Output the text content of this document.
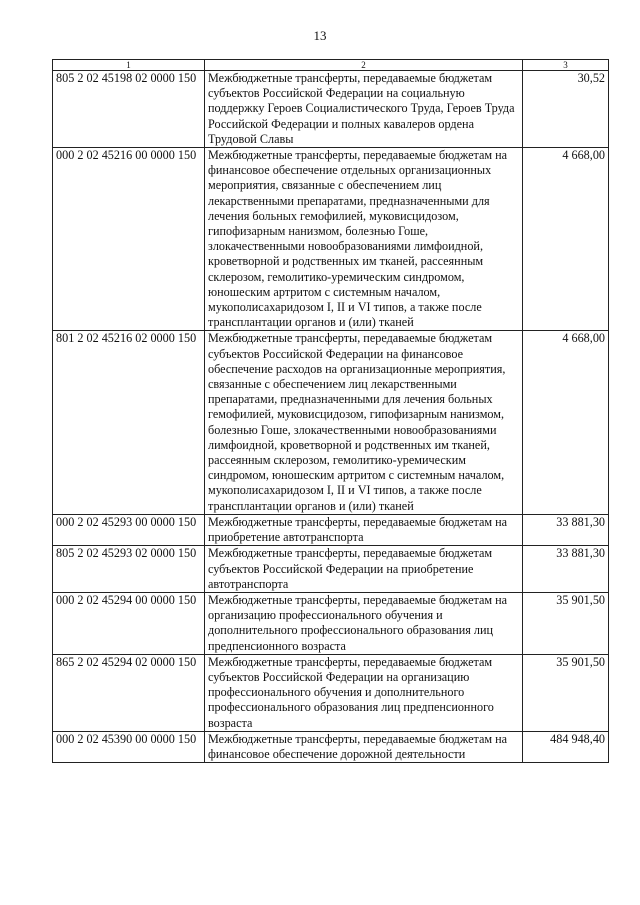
13
1	2	3
805 2 02 45198 02 0000 150	Межбюджетные трансферты, передаваемые бюджетам субъектов Российской Федерации на социальную поддержку Героев Социалистического Труда, Героев Труда Российской Федерации и полных кавалеров ордена Трудовой Славы	30,52
000 2 02 45216 00 0000 150	Межбюджетные трансферты, передаваемые бюджетам на финансовое обеспечение отдельных организационных мероприятия, связанные с обеспечением лиц лекарственными препаратами, предназначенными для лечения больных гемофилией, муковисцидозом, гипофизарным нанизмом, болезнью Гоше, злокачественными новообразованиями лимфоидной, кроветворной и родственных им тканей, рассеянным склерозом, гемолитико-уремическим синдромом, юношеским артритом с системным началом, мукополисахаридозом I, II и VI типов, а также после трансплантации органов и (или) тканей	4 668,00
801 2 02 45216 02 0000 150	Межбюджетные трансферты, передаваемые бюджетам субъектов Российской Федерации на финансовое обеспечение расходов на организационные мероприятия, связанные с обеспечением лиц лекарственными препаратами, предназначенными для лечения больных гемофилией, муковисцидозом, гипофизарным нанизмом, болезнью Гоше, злокачественными новообразованиями лимфоидной, кроветворной и родственных им тканей, рассеянным склерозом, гемолитико-уремическим синдромом, юношеским артритом с системным началом, мукополисахаридозом I, II и VI типов, а также после трансплантации органов и (или) тканей	4 668,00
000 2 02 45293 00 0000 150	Межбюджетные трансферты, передаваемые бюджетам на приобретение автотранспорта	33 881,30
805 2 02 45293 02 0000 150	Межбюджетные трансферты, передаваемые бюджетам субъектов Российской Федерации на приобретение автотранспорта	33 881,30
000 2 02 45294 00 0000 150	Межбюджетные трансферты, передаваемые бюджетам на организацию профессионального обучения и дополнительного профессионального образования лиц предпенсионного возраста	35 901,50
865 2 02 45294 02 0000 150	Межбюджетные трансферты, передаваемые бюджетам субъектов Российской Федерации на организацию профессионального обучения и дополнительного профессионального образования лиц предпенсионного возраста	35 901,50
000 2 02 45390 00 0000 150	Межбюджетные трансферты, передаваемые бюджетам на финансовое обеспечение дорожной деятельности	484 948,40
